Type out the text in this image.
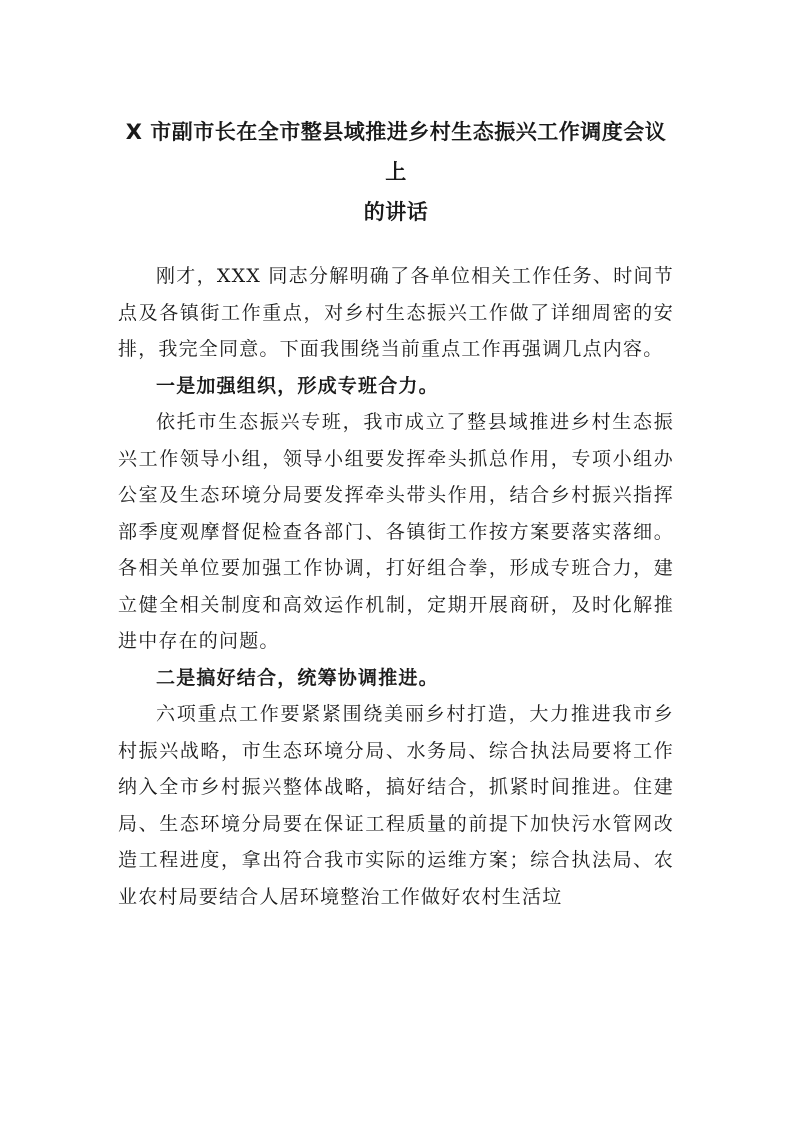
X 市副市长在全市整县域推进乡村生态振兴工作调度会议上
的讲话

刚才，XXX 同志分解明确了各单位相关工作任务、时间节点及各镇街工作重点，对乡村生态振兴工作做了详细周密的安排，我完全同意。下面我围绕当前重点工作再强调几点内容。

一是加强组织，形成专班合力。

依托市生态振兴专班，我市成立了整县域推进乡村生态振兴工作领导小组，领导小组要发挥牵头抓总作用，专项小组办公室及生态环境分局要发挥牵头带头作用，结合乡村振兴指挥部季度观摩督促检查各部门、各镇街工作按方案要落实落细。各相关单位要加强工作协调，打好组合拳，形成专班合力，建立健全相关制度和高效运作机制，定期开展商研，及时化解推进中存在的问题。

二是搞好结合，统筹协调推进。

六项重点工作要紧紧围绕美丽乡村打造，大力推进我市乡村振兴战略，市生态环境分局、水务局、综合执法局要将工作纳入全市乡村振兴整体战略，搞好结合，抓紧时间推进。住建局、生态环境分局要在保证工程质量的前提下加快污水管网改造工程进度，拿出符合我市实际的运维方案；综合执法局、农业农村局要结合人居环境整治工作做好农村生活垃
